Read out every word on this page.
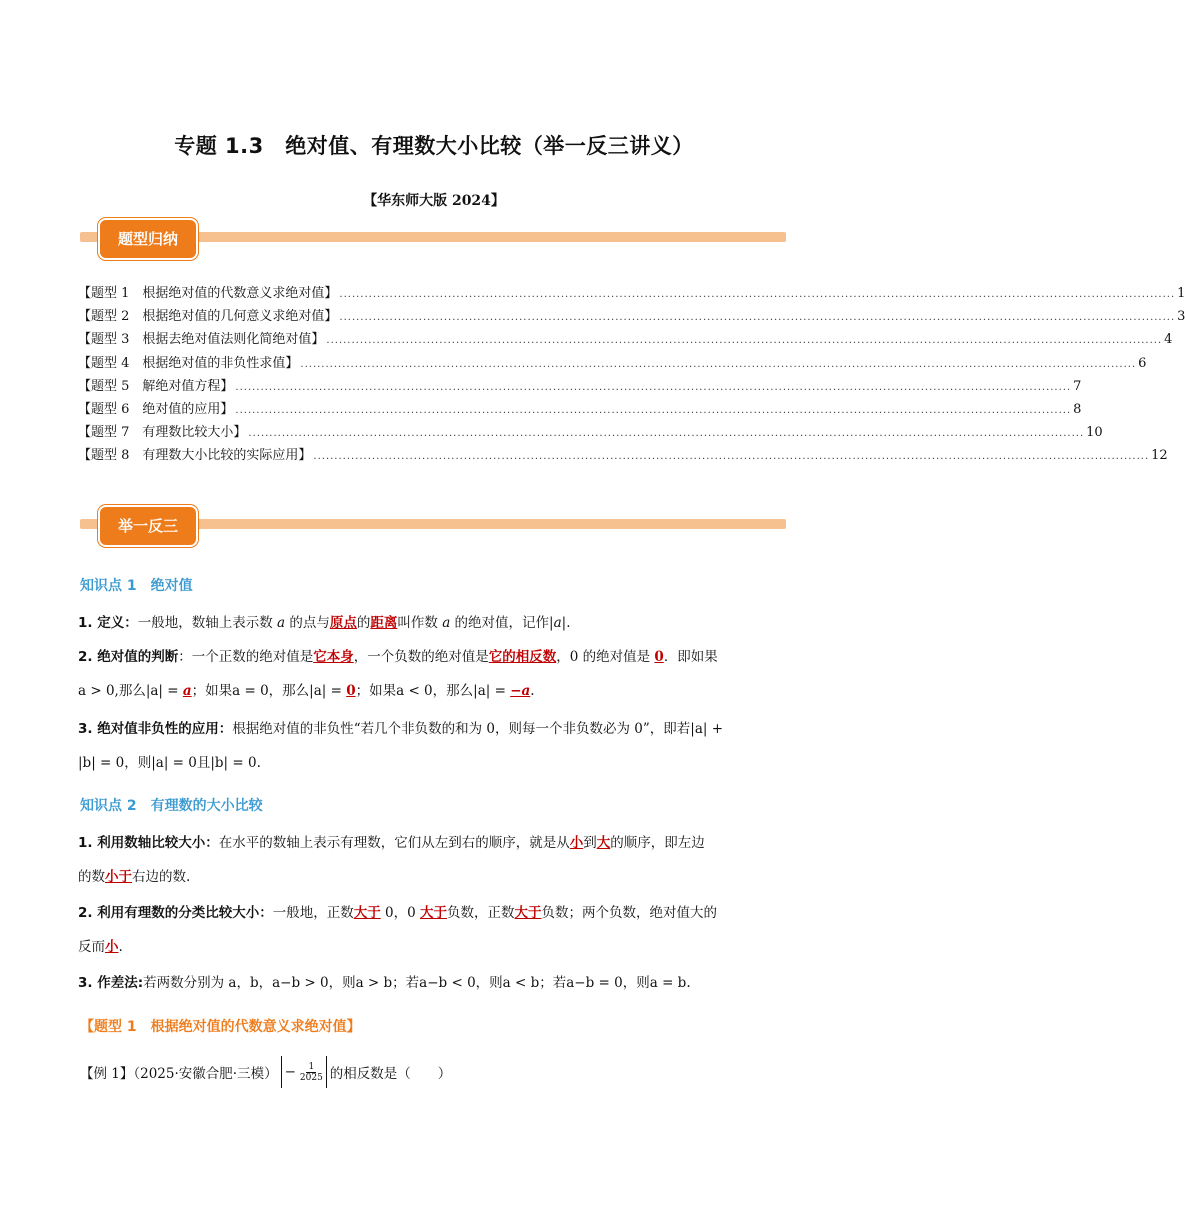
专题 1.3　绝对值、有理数大小比较（举一反三讲义）
【华东师大版 2024】
题型归纳
【题型 1　根据绝对值的代数意义求绝对值】 ........................................................................................................................................................................................................ 1
【题型 2　根据绝对值的几何意义求绝对值】 ........................................................................................................................................................................................................ 3
【题型 3　根据去绝对值法则化简绝对值】 ........................................................................................................................................................................................................ 4
【题型 4　根据绝对值的非负性求值】 ........................................................................................................................................................................................................ 6
【题型 5　解绝对值方程】 ........................................................................................................................................................................................................ 7
【题型 6　绝对值的应用】 ........................................................................................................................................................................................................ 8
【题型 7　有理数比较大小】 ........................................................................................................................................................................................................ 10
【题型 8　有理数大小比较的实际应用】 ........................................................................................................................................................................................................ 12
举一反三
知识点 1　绝对值
1. 定义：一般地，数轴上表示数 a 的点与原点的距离叫作数 a 的绝对值，记作|a|.
2. 绝对值的判断：一个正数的绝对值是它本身，一个负数的绝对值是它的相反数，0 的绝对值是 0．即如果
a > 0,那么|a| = a；如果a = 0，那么|a| = 0；如果a < 0，那么|a| = −a.
3. 绝对值非负性的应用：根据绝对值的非负性“若几个非负数的和为 0，则每一个非负数必为 0”，即若|a| +
|b| = 0，则|a| = 0且|b| = 0.
知识点 2　有理数的大小比较
1. 利用数轴比较大小：在水平的数轴上表示有理数，它们从左到右的顺序，就是从小到大的顺序，即左边
的数小于右边的数.
2. 利用有理数的分类比较大小：一般地，正数大于 0，0 大于负数，正数大于负数；两个负数，绝对值大的
反而小.
3. 作差法:若两数分别为 a，b，a−b > 0，则a > b；若a−b < 0，则a < b；若a−b = 0，则a = b.
【题型 1　根据绝对值的代数意义求绝对值】
【例 1】（2025·安徽合肥·三模） − $\frac{1}{2025}$ 的相反数是（　　）
